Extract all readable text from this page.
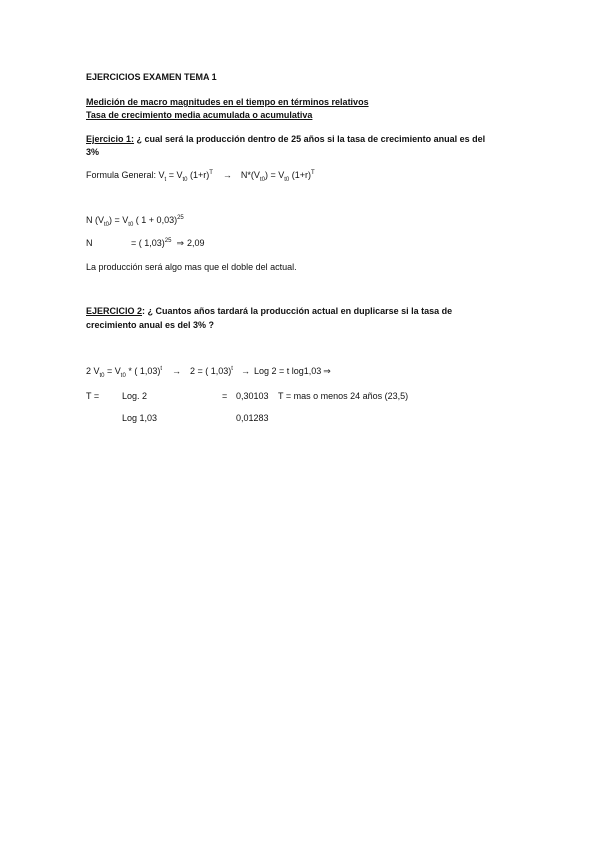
EJERCICIOS EXAMEN TEMA 1
Medición de macro magnitudes en el tiempo en términos relativos
Tasa de crecimiento media acumulada o acumulativa
Ejercicio 1: ¿ cual será la producción dentro de 25 años si la tasa de crecimiento anual es del
3%
Formula General: $V_t = V_{t0}$ $(1+r)^T \to N*(V_{t0}) = V_{t0}$ $(1+r)^T$
N $(V_{t0}) = V_{t0}$ ( 1 + 0,03)$^{25}$
N	= ( 1,03)$^{25}$ ⇒ 2,09
La producción será algo mas que el doble del actual.
EJERCICIO 2: ¿ Cuantos años tardará la producción actual en duplicarse si la tasa de
crecimiento anual es del 3% ?
2 $V_{t0} = V_{t0}$ * ( 1,03)$^t$ → 2 = ( 1,03)$^t$ → Log 2 = t log1,03 ⇒
T =	Log. 2	= 0,30103 T = mas o menos 24 años (23,5)
Log 1,03	0,01283
